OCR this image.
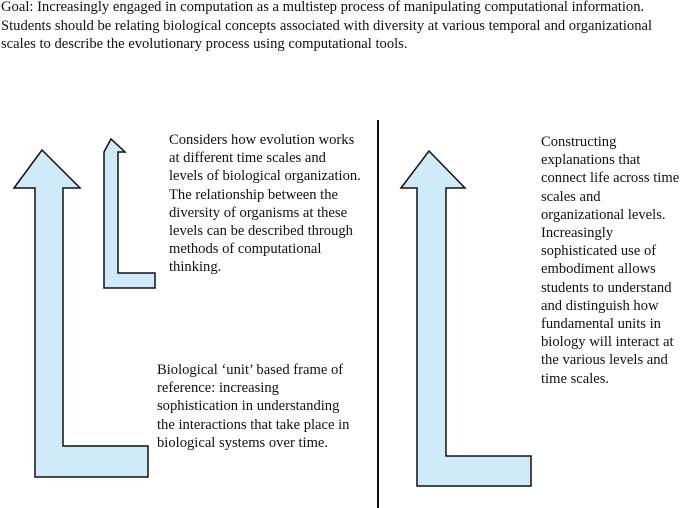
Goal: Increasingly engaged in computation as a multistep process of manipulating computational information.
Students should be relating biological concepts associated with diversity at various temporal and organizational
scales to describe the evolutionary process using computational tools.
Considers how evolution works
at different time scales and
levels of biological organization.
The relationship between the
diversity of organisms at these
levels can be described through
methods of computational
thinking.
Biological ‘unit’ based frame of
reference: increasing
sophistication in understanding
the interactions that take place in
biological systems over time.
Constructing
explanations that
connect life across time
scales and
organizational levels.
Increasingly
sophisticated use of
embodiment allows
students to understand
and distinguish how
fundamental units in
biology will interact at
the various levels and
time scales.
